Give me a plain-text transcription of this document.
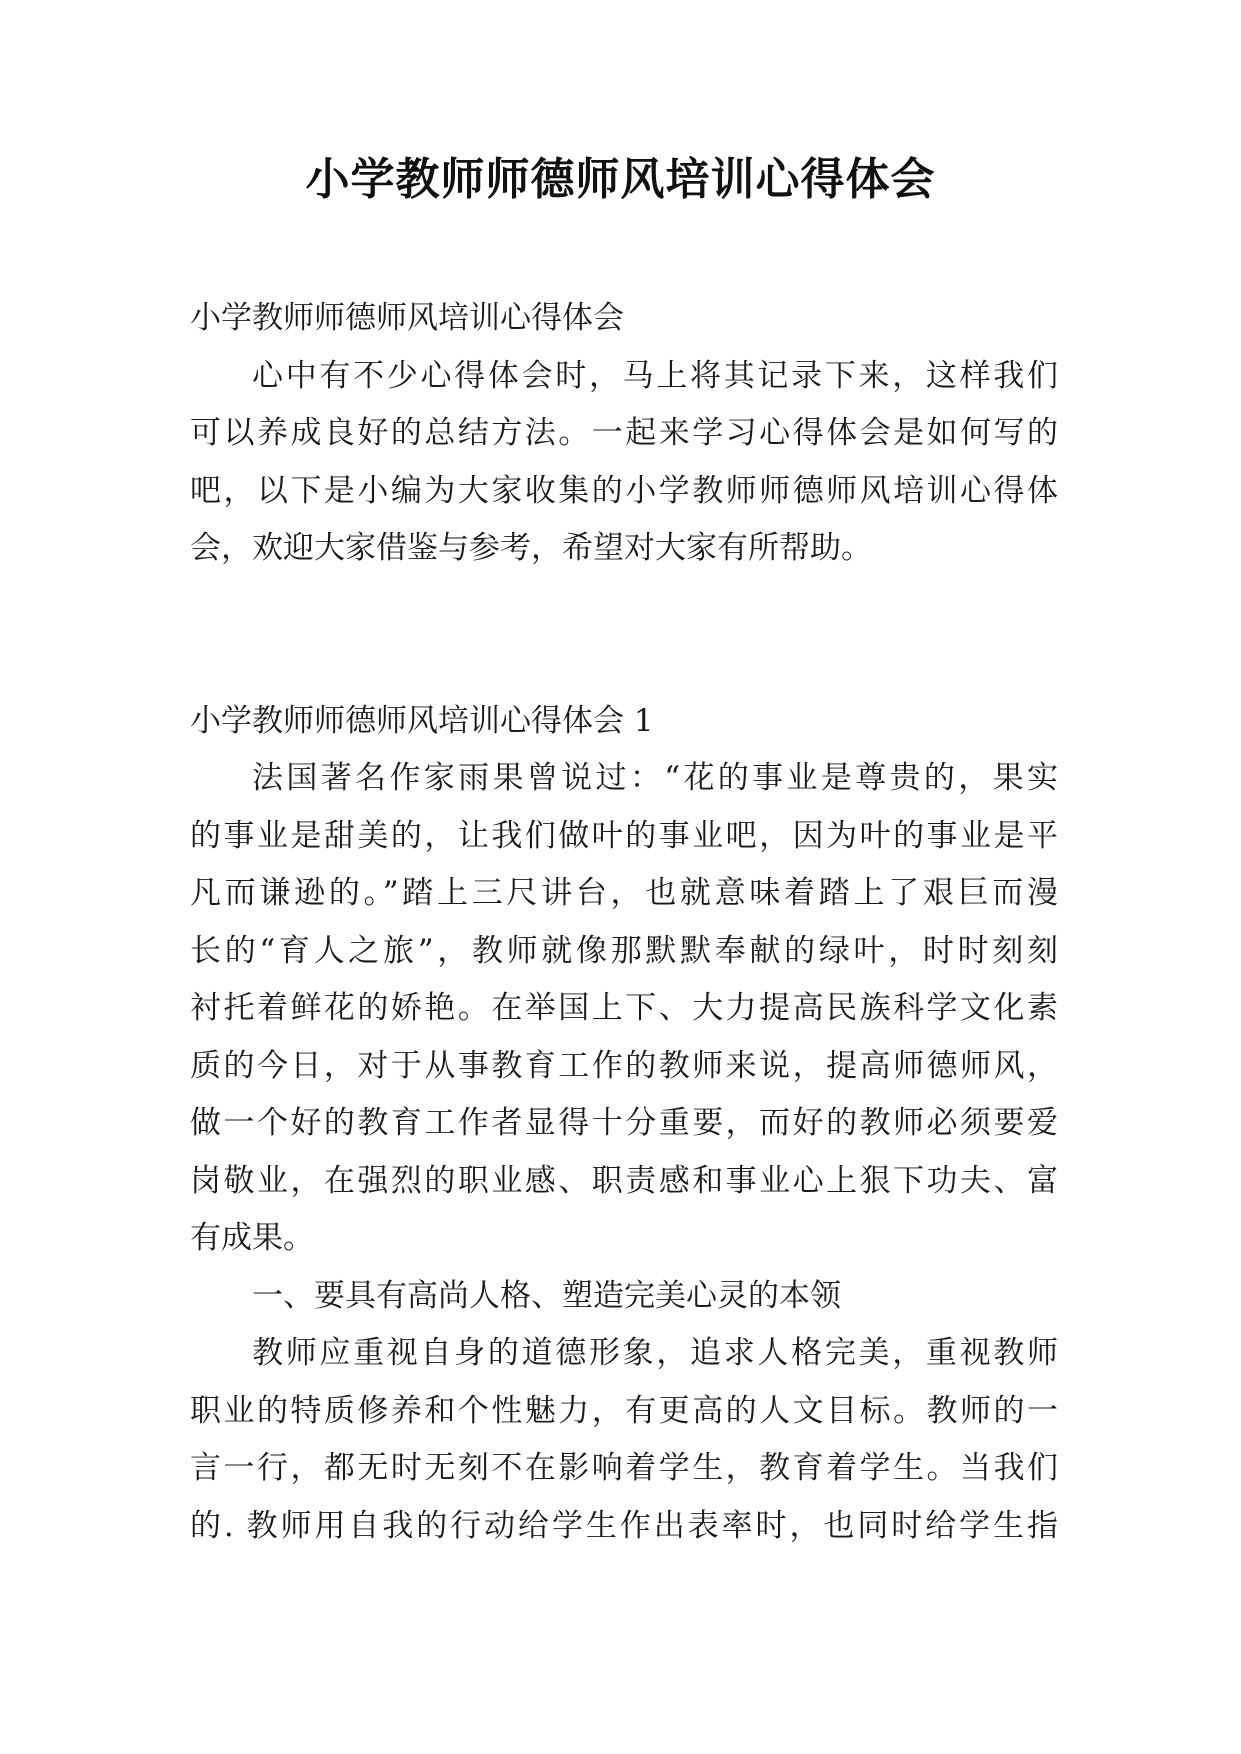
小学教师师德师风培训心得体会
小学教师师德师风培训心得体会
心中有不少心得体会时，马上将其记录下来，这样我们
可以养成良好的总结方法。一起来学习心得体会是如何写的
吧，以下是小编为大家收集的小学教师师德师风培训心得体
会，欢迎大家借鉴与参考，希望对大家有所帮助。
小学教师师德师风培训心得体会 1
法国著名作家雨果曾说过：“花的事业是尊贵的，果实
的事业是甜美的，让我们做叶的事业吧，因为叶的事业是平
凡而谦逊的。”踏上三尺讲台，也就意味着踏上了艰巨而漫
长的“育人之旅”，教师就像那默默奉献的绿叶，时时刻刻
衬托着鲜花的娇艳。在举国上下、大力提高民族科学文化素
质的今日，对于从事教育工作的教师来说，提高师德师风，
做一个好的教育工作者显得十分重要，而好的教师必须要爱
岗敬业，在强烈的职业感、职责感和事业心上狠下功夫、富
有成果。
一、要具有高尚人格、塑造完美心灵的本领
教师应重视自身的道德形象，追求人格完美，重视教师
职业的特质修养和个性魅力，有更高的人文目标。教师的一
言一行，都无时无刻不在影响着学生，教育着学生。当我们
的. 教师用自我的行动给学生作出表率时，也同时给学生指
